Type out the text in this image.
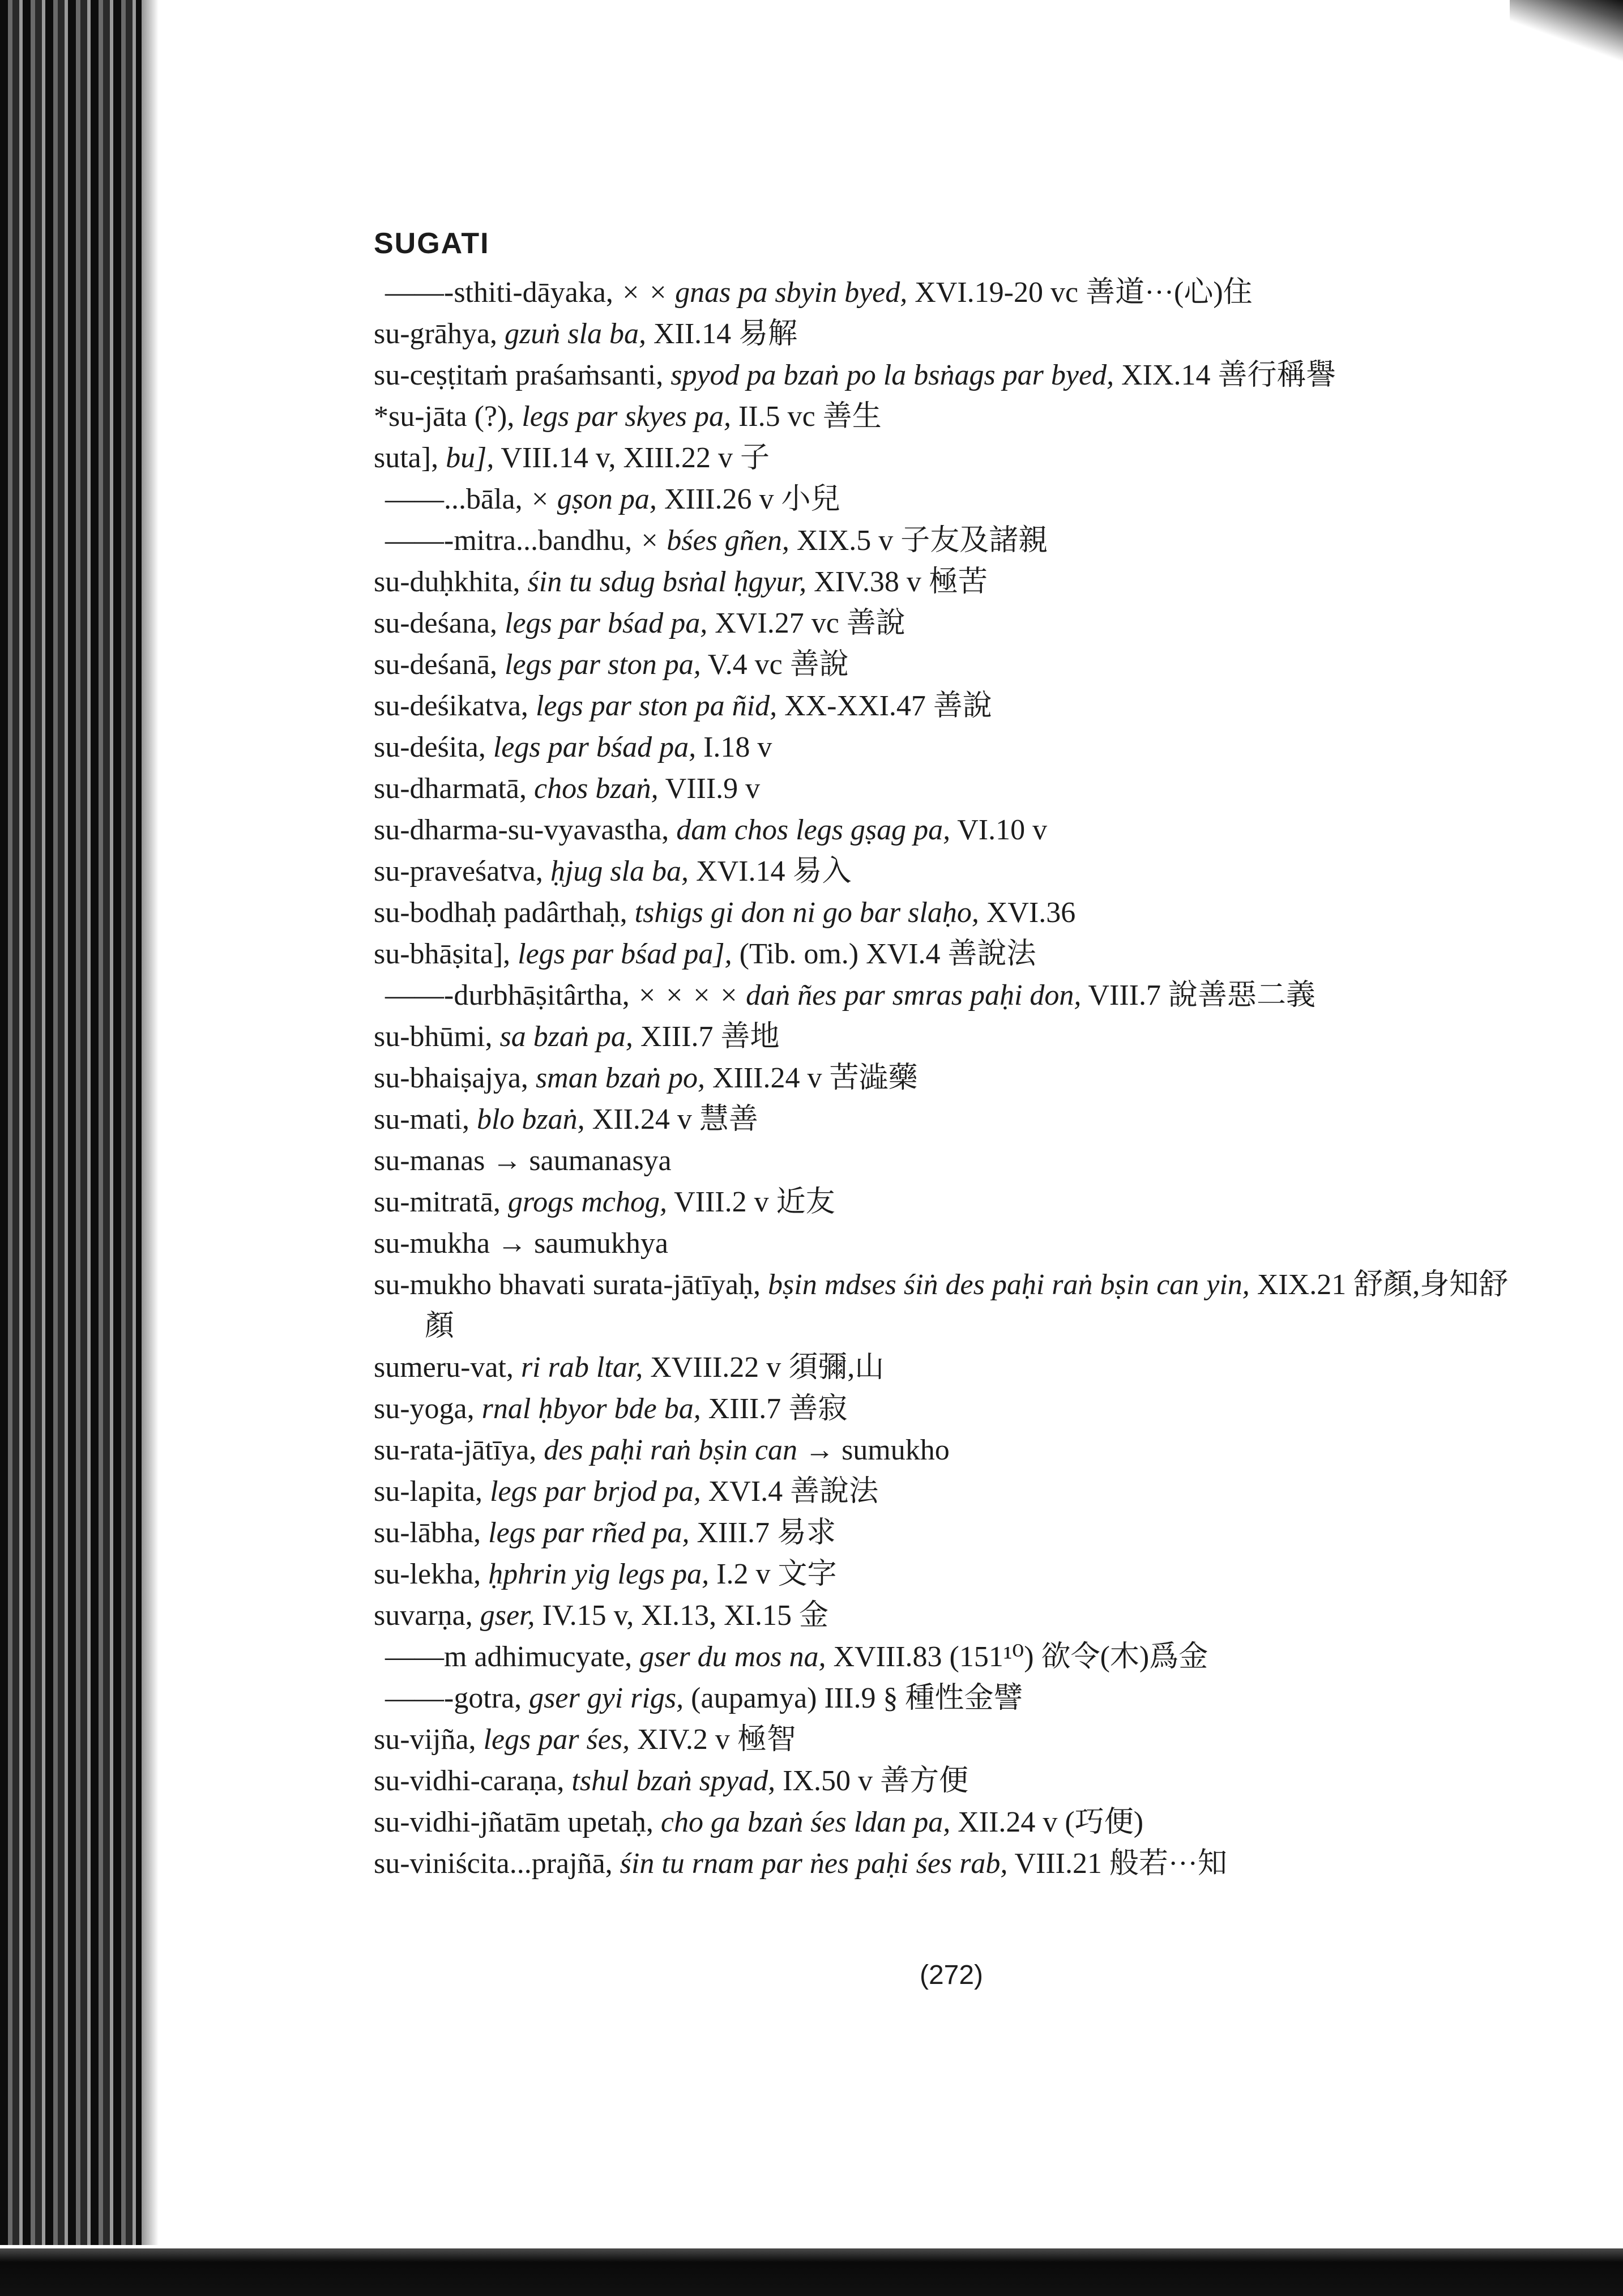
SUGATI
——-sthiti-dāyaka, × × gnas pa sbyin byed, XVI.19-20 vc 善道···(心)住
su-grāhya, gzuṅ sla ba, XII.14 易解
su-ceṣṭitaṁ praśaṁsanti, spyod pa bzaṅ po la bsṅags par byed, XIX.14 善行稱譽
*su-jāta (?), legs par skyes pa, II.5 vc 善生
suta], bu], VIII.14 v, XIII.22 v 子
——...bāla, × gṣon pa, XIII.26 v 小兒
——-mitra...bandhu, × bśes gñen, XIX.5 v 子友及諸親
su-duḥkhita, śin tu sdug bsṅal ḥgyur, XIV.38 v 極苦
su-deśana, legs par bśad pa, XVI.27 vc 善說
su-deśanā, legs par ston pa, V.4 vc 善說
su-deśikatva, legs par ston pa ñid, XX-XXI.47 善說
su-deśita, legs par bśad pa, I.18 v
su-dharmatā, chos bzaṅ, VIII.9 v
su-dharma-su-vyavastha, dam chos legs gṣag pa, VI.10 v
su-praveśatva, ḥjug sla ba, XVI.14 易入
su-bodhaḥ padârthaḥ, tshigs gi don ni go bar slaḥo, XVI.36
su-bhāṣita], legs par bśad pa], (Tib. om.) XVI.4 善說法
——-durbhāṣitârtha, × × × × daṅ ñes par smras paḥi don, VIII.7 說善惡二義
su-bhūmi, sa bzaṅ pa, XIII.7 善地
su-bhaiṣajya, sman bzaṅ po, XIII.24 v 苦澁藥
su-mati, blo bzaṅ, XII.24 v 慧善
su-manas → saumanasya
su-mitratā, grogs mchog, VIII.2 v 近友
su-mukha → saumukhya
su-mukho bhavati surata-jātīyaḥ, bṣin mdses śiṅ des paḥi raṅ bṣin can yin, XIX.21 舒顏,身知舒顏
sumeru-vat, ri rab ltar, XVIII.22 v 須彌,山
su-yoga, rnal ḥbyor bde ba, XIII.7 善寂
su-rata-jātīya, des paḥi raṅ bṣin can → sumukho
su-lapita, legs par brjod pa, XVI.4 善說法
su-lābha, legs par rñed pa, XIII.7 易求
su-lekha, ḥphrin yig legs pa, I.2 v 文字
suvarṇa, gser, IV.15 v, XI.13, XI.15 金
——m adhimucyate, gser du mos na, XVIII.83 (151¹⁰) 欲令(木)爲金
——-gotra, gser gyi rigs, (aupamya) III.9 § 種性金譬
su-vijña, legs par śes, XIV.2 v 極智
su-vidhi-caraṇa, tshul bzaṅ spyad, IX.50 v 善方便
su-vidhi-jñatām upetaḥ, cho ga bzaṅ śes ldan pa, XII.24 v (巧便)
su-viniścita...prajñā, śin tu rnam par ṅes paḥi śes rab, VIII.21 般若···知
(272)
